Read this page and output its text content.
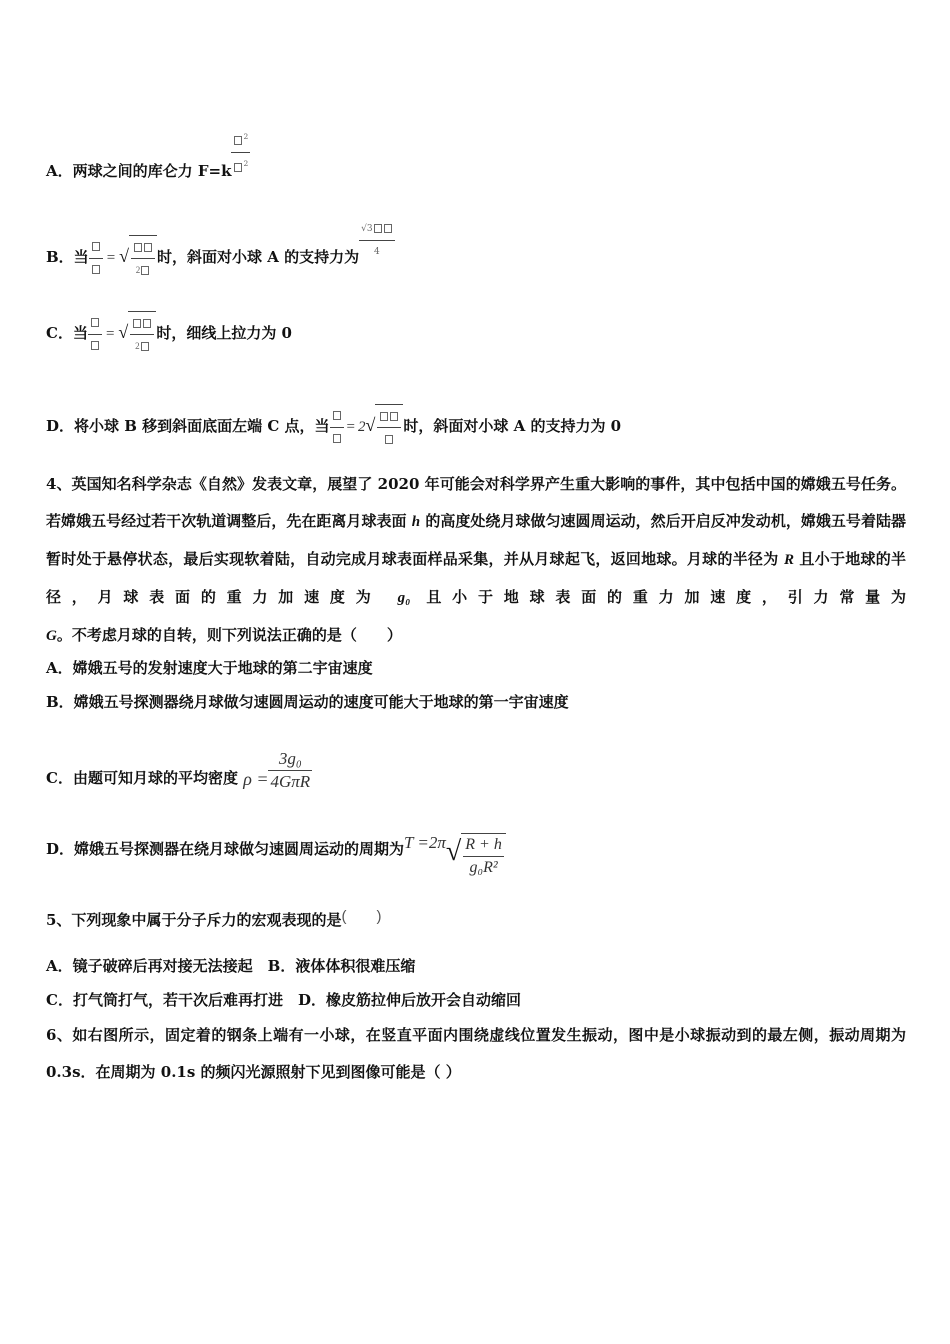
A．两球之间的库仑力 $F=k \frac{^2}{^2}$
B．当 = √
2
时，斜面对小球 A 的支持力为 $\frac{√3}{4}$
C．当 = √
2
时，细线上拉力为 0
D．将小球 B 移到斜面底面左端 C 点，当 = 2√ 时，斜面对小球 A 的支持力为 0
4、英国知名科学杂志《自然》发表文章，展望了 2020 年可能会对科学界产生重大影响的事件，其中包括中国的嫦娥五号任务。若嫦娥五号经过若干次轨道调整后，先在距离月球表面 h 的高度处绕月球做匀速圆周运动，然后开启反冲发动机，嫦娥五号着陆器暂时处于悬停状态，最后实现软着陆，自动完成月球表面样品采集，并从月球起飞，返回地球。月球的半径为 R 且小于地球的半径，月球表面的重力加速度为 g₀ 且小于地球表面的重力加速度，引力常量为 G。不考虑月球的自转，则下列说法正确的是（　　）
A．嫦娥五号的发射速度大于地球的第二宇宙速度
B．嫦娥五号探测器绕月球做匀速圆周运动的速度可能大于地球的第一宇宙速度
C．由题可知月球的平均密度 $\rho = \frac{\text{3g₀}}{\text{4GπR}}$
D．嫦娥五号探测器在绕月球做匀速圆周运动的周期为$T =2\pi√ \frac{R + h}{\text{g₀R²}}$
5、下列现象中属于分子斥力的宏观表现的是(　　)
A．镜子破碎后再对接无法接起　B．液体体积很难压缩
C．打气筒打气，若干次后难再打进　D．橡皮筋拉伸后放开会自动缩回
6、如右图所示，固定着的钢条上端有一小球，在竖直平面内围绕虚线位置发生振动，图中是小球振动到的最左侧，振动周期为 0.3s．在周期为 0.1s 的频闪光源照射下见到图像可能是（ ）
